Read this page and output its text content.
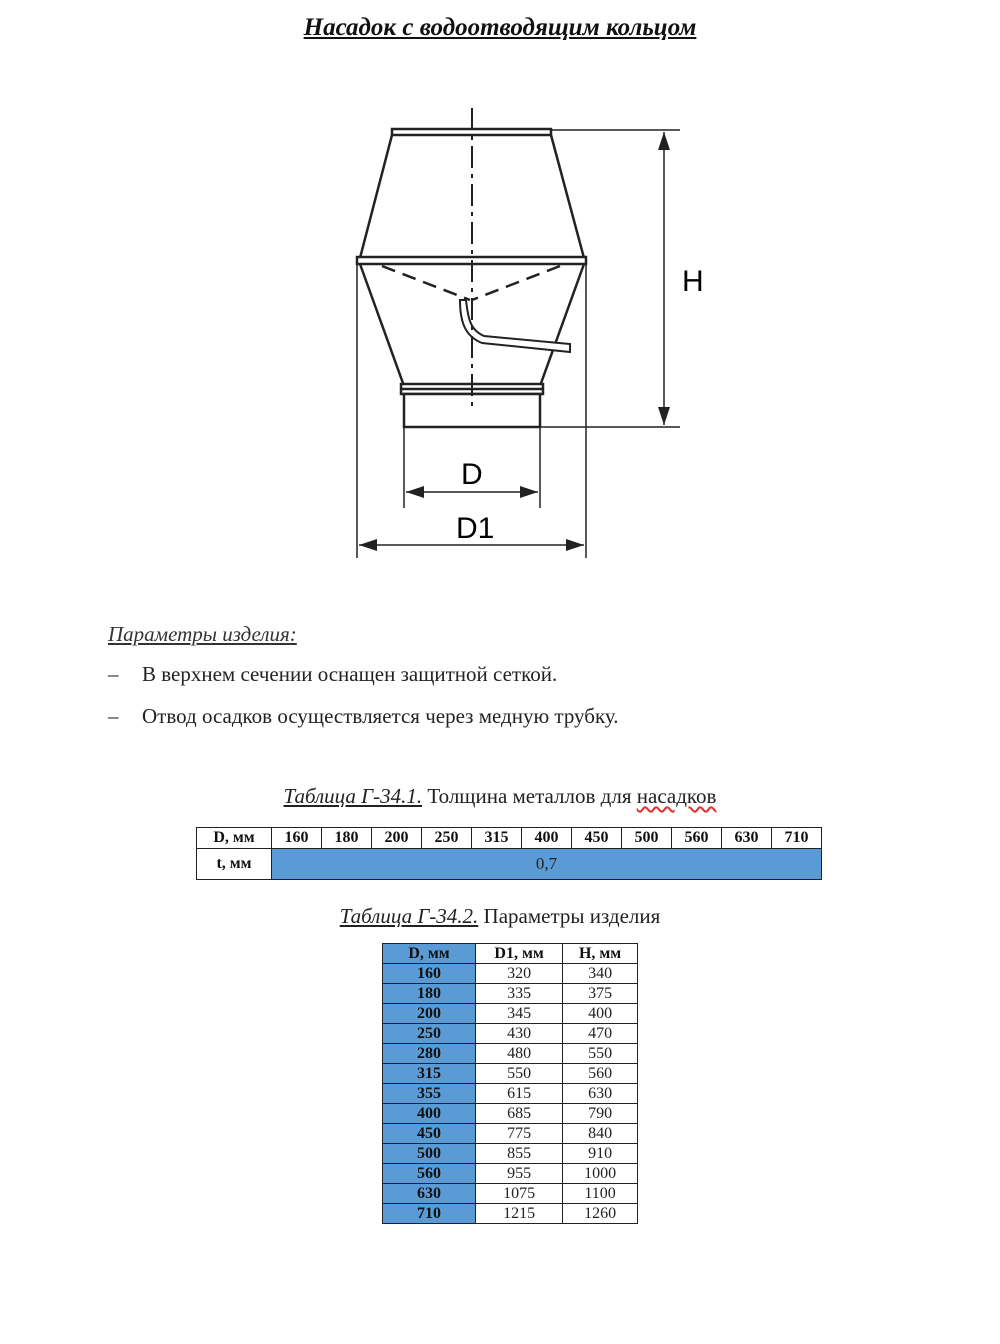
Насадок с водоотводящим кольцом
H
D
D1
Параметры изделия:
– В верхнем сечении оснащен защитной сеткой.
– Отвод осадков осуществляется через медную трубку.
Таблица Г-34.1. Толщина металлов для насадков
D, мм	160	180	200	250	315	400	450	500	560	630	710
t, мм	0,7										
Таблица Г-34.2. Параметры изделия
D, мм	D1, мм	H, мм
160	320	340
180	335	375
200	345	400
250	430	470
280	480	550
315	550	560
355	615	630
400	685	790
450	775	840
500	855	910
560	955	1000
630	1075	1100
710	1215	1260
